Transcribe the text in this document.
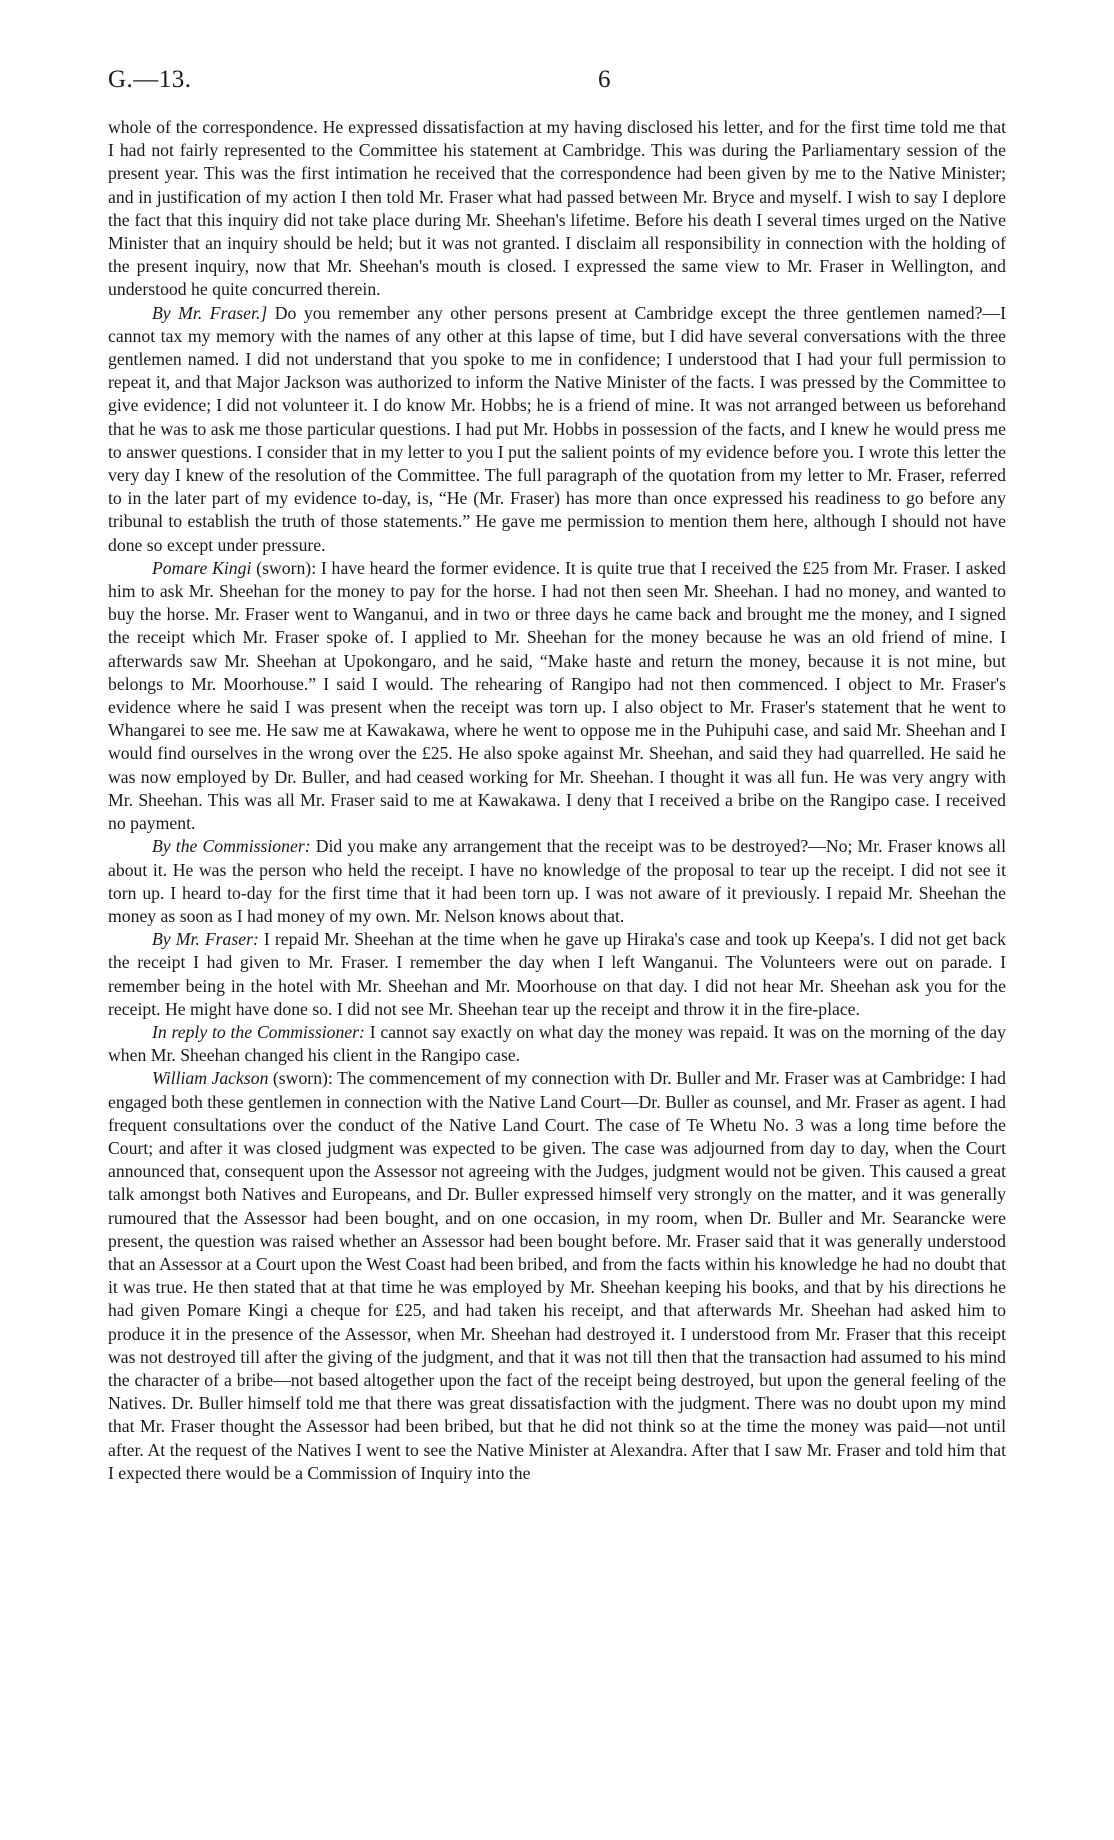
G.—13.	6

whole of the correspondence. He expressed dissatisfaction at my having disclosed his letter, and for the first time told me that I had not fairly represented to the Committee his statement at Cambridge. This was during the Parliamentary session of the present year. This was the first intimation he received that the correspondence had been given by me to the Native Minister; and in justification of my action I then told Mr. Fraser what had passed between Mr. Bryce and myself. I wish to say I deplore the fact that this inquiry did not take place during Mr. Sheehan's lifetime. Before his death I several times urged on the Native Minister that an inquiry should be held; but it was not granted. I disclaim all responsibility in connection with the holding of the present inquiry, now that Mr. Sheehan's mouth is closed. I expressed the same view to Mr. Fraser in Wellington, and understood he quite concurred therein.

By Mr. Fraser.] Do you remember any other persons present at Cambridge except the three gentlemen named?—I cannot tax my memory with the names of any other at this lapse of time, but I did have several conversations with the three gentlemen named. I did not understand that you spoke to me in confidence; I understood that I had your full permission to repeat it, and that Major Jackson was authorized to inform the Native Minister of the facts. I was pressed by the Committee to give evidence; I did not volunteer it. I do know Mr. Hobbs; he is a friend of mine. It was not arranged between us beforehand that he was to ask me those particular questions. I had put Mr. Hobbs in possession of the facts, and I knew he would press me to answer questions. I consider that in my letter to you I put the salient points of my evidence before you. I wrote this letter the very day I knew of the resolution of the Committee. The full paragraph of the quotation from my letter to Mr. Fraser, referred to in the later part of my evidence to-day, is, “He (Mr. Fraser) has more than once expressed his readiness to go before any tribunal to establish the truth of those statements.” He gave me permission to mention them here, although I should not have done so except under pressure.

Pomare Kingi (sworn): I have heard the former evidence. It is quite true that I received the £25 from Mr. Fraser. I asked him to ask Mr. Sheehan for the money to pay for the horse. I had not then seen Mr. Sheehan. I had no money, and wanted to buy the horse. Mr. Fraser went to Wanganui, and in two or three days he came back and brought me the money, and I signed the receipt which Mr. Fraser spoke of. I applied to Mr. Sheehan for the money because he was an old friend of mine. I afterwards saw Mr. Sheehan at Upokongaro, and he said, “Make haste and return the money, because it is not mine, but belongs to Mr. Moorhouse.” I said I would. The rehearing of Rangipo had not then commenced. I object to Mr. Fraser's evidence where he said I was present when the receipt was torn up. I also object to Mr. Fraser's statement that he went to Whangarei to see me. He saw me at Kawakawa, where he went to oppose me in the Puhipuhi case, and said Mr. Sheehan and I would find ourselves in the wrong over the £25. He also spoke against Mr. Sheehan, and said they had quarrelled. He said he was now employed by Dr. Buller, and had ceased working for Mr. Sheehan. I thought it was all fun. He was very angry with Mr. Sheehan. This was all Mr. Fraser said to me at Kawakawa. I deny that I received a bribe on the Rangipo case. I received no payment.

By the Commissioner: Did you make any arrangement that the receipt was to be destroyed?—No; Mr. Fraser knows all about it. He was the person who held the receipt. I have no knowledge of the proposal to tear up the receipt. I did not see it torn up. I heard to-day for the first time that it had been torn up. I was not aware of it previously. I repaid Mr. Sheehan the money as soon as I had money of my own. Mr. Nelson knows about that.

By Mr. Fraser: I repaid Mr. Sheehan at the time when he gave up Hiraka's case and took up Keepa's. I did not get back the receipt I had given to Mr. Fraser. I remember the day when I left Wanganui. The Volunteers were out on parade. I remember being in the hotel with Mr. Sheehan and Mr. Moorhouse on that day. I did not hear Mr. Sheehan ask you for the receipt. He might have done so. I did not see Mr. Sheehan tear up the receipt and throw it in the fire-place.

In reply to the Commissioner: I cannot say exactly on what day the money was repaid. It was on the morning of the day when Mr. Sheehan changed his client in the Rangipo case.

William Jackson (sworn): The commencement of my connection with Dr. Buller and Mr. Fraser was at Cambridge: I had engaged both these gentlemen in connection with the Native Land Court—Dr. Buller as counsel, and Mr. Fraser as agent. I had frequent consultations over the conduct of the Native Land Court. The case of Te Whetu No. 3 was a long time before the Court; and after it was closed judgment was expected to be given. The case was adjourned from day to day, when the Court announced that, consequent upon the Assessor not agreeing with the Judges, judgment would not be given. This caused a great talk amongst both Natives and Europeans, and Dr. Buller expressed himself very strongly on the matter, and it was generally rumoured that the Assessor had been bought, and on one occasion, in my room, when Dr. Buller and Mr. Searancke were present, the question was raised whether an Assessor had been bought before. Mr. Fraser said that it was generally understood that an Assessor at a Court upon the West Coast had been bribed, and from the facts within his knowledge he had no doubt that it was true. He then stated that at that time he was employed by Mr. Sheehan keeping his books, and that by his directions he had given Pomare Kingi a cheque for £25, and had taken his receipt, and that afterwards Mr. Sheehan had asked him to produce it in the presence of the Assessor, when Mr. Sheehan had destroyed it. I understood from Mr. Fraser that this receipt was not destroyed till after the giving of the judgment, and that it was not till then that the transaction had assumed to his mind the character of a bribe—not based altogether upon the fact of the receipt being destroyed, but upon the general feeling of the Natives. Dr. Buller himself told me that there was great dissatisfaction with the judgment. There was no doubt upon my mind that Mr. Fraser thought the Assessor had been bribed, but that he did not think so at the time the money was paid—not until after. At the request of the Natives I went to see the Native Minister at Alexandra. After that I saw Mr. Fraser and told him that I expected there would be a Commission of Inquiry into the
